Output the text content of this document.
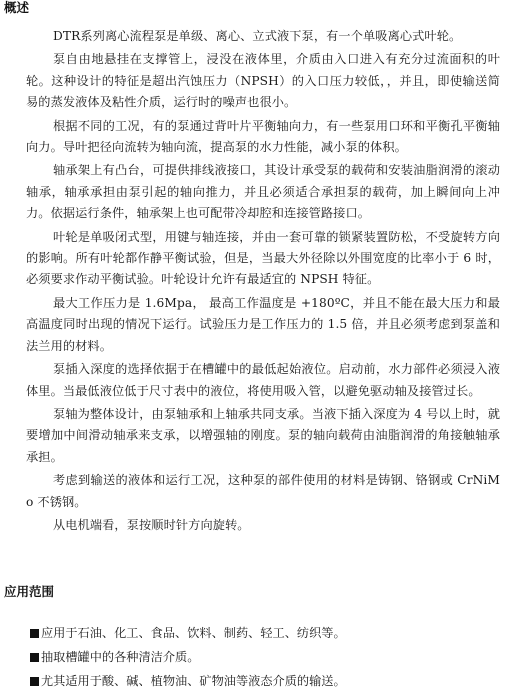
概述

DTR系列离心流程泵是单级、离心、立式液下泵，有一个单吸离心式叶轮。

泵自由地悬挂在支撑管上，浸没在液体里，介质由入口进入有充分过流面积的叶轮。这种设计的特征是超出汽蚀压力（NPSH）的入口压力较低，，并且，即使输送简易的蒸发液体及粘性介质，运行时的噪声也很小。

根据不同的工况，有的泵通过背叶片平衡轴向力，有一些泵用口环和平衡孔平衡轴向力。导叶把径向流转为轴向流，提高泵的水力性能，减小泵的体积。

轴承架上有凸台，可提供排线液接口，其设计承受泵的载荷和安装油脂润滑的滚动轴承，轴承承担由泵引起的轴向推力，并且必须适合承担泵的载荷，加上瞬间向上冲力。依据运行条件，轴承架上也可配带冷却腔和连接管路接口。

叶轮是单吸闭式型，用键与轴连接，并由一套可靠的锁紧装置防松，不受旋转方向的影响。所有叶轮都作静平衡试验，但是，当最大外径除以外围宽度的比率小于 6 时，必须要求作动平衡试验。叶轮设计允许有最适宜的 NPSH 特征。

最大工作压力是 1.6Mpa， 最高工作温度是 +180ºC，并且不能在最大压力和最高温度同时出现的情况下运行。试验压力是工作压力的 1.5 倍，并且必须考虑到泵盖和法兰用的材料。

泵插入深度的选择依据于在槽罐中的最低起始液位。启动前，水力部件必须浸入液体里。当最低液位低于尺寸表中的液位，将使用吸入管，以避免驱动轴及接管过长。

泵轴为整体设计，由泵轴承和上轴承共同支承。当液下插入深度为 4 号以上时，就要增加中间滑动轴承来支承，以增强轴的刚度。泵的轴向载荷由油脂润滑的角接触轴承承担。

考虑到输送的液体和运行工况，这种泵的部件使用的材料是铸钢、铬钢或 CrNiMo 不锈钢。

从电机端看，泵按顺时针方向旋转。

应用范围
应用于石油、化工、食品、饮料、制药、轻工、纺织等。
抽取槽罐中的各种清洁介质。
尤其适用于酸、碱、植物油、矿物油等液态介质的输送。
